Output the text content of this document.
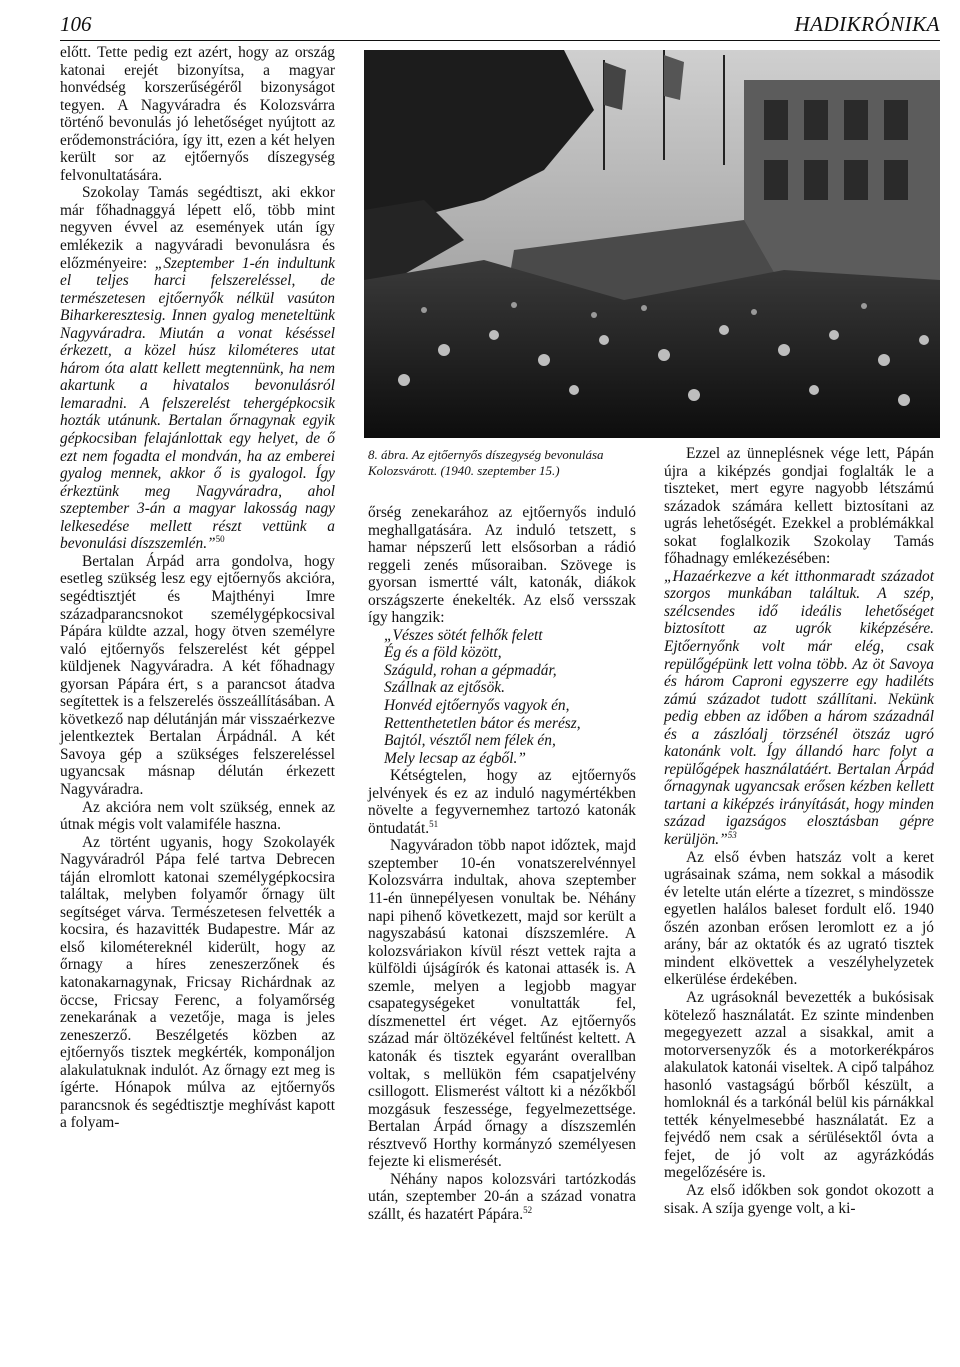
106	HADIKRÓNIKA

előtt. Tette pedig ezt azért, hogy az ország katonai erejét bizonyítsa, a magyar honvédség korszerűségéről bizonyságot tegyen. A Nagyváradra és Kolozsvárra történő bevonulás jó lehetőséget nyújtott az erődemonstrációra, így itt, ezen a két helyen került sor az ejtőernyős díszegység felvonultatására.

Szokolay Tamás segédtiszt, aki ekkor már főhadnaggyá lépett elő, több mint negyven évvel az események után így emlékezik a nagyváradi bevonulásra és előzményeire: „Szeptember 1-én indultunk el teljes harci felszereléssel, de természetesen ejtőernyők nélkül vasúton Biharkeresztesig. Innen gyalog meneteltünk Nagyváradra. Miután a vonat késéssel érkezett, a közel húsz kilométeres utat három óta alatt kellett megtennünk, ha nem akartunk a hivatalos bevonulásról lemaradni. A felszerelést tehergépkocsik hozták utánunk. Bertalan őrnagynak egyik gépkocsiban felajánlottak egy helyet, de ő ezt nem fogadta el mondván, ha az emberei gyalog mennek, akkor ő is gyalogol. Így érkeztünk meg Nagyváradra, ahol szeptember 3-án a magyar lakosság nagy lelkesedése mellett részt vettünk a bevonulási díszszemlén.”$^{50}$

Bertalan Árpád arra gondolva, hogy esetleg szükség lesz egy ejtőernyős akcióra, segédtisztjét és Majthényi Imre századparancsnokot személygépkocsival Pápára küldte azzal, hogy ötven személyre való ejtőernyős felszerelést két géppel küldjenek Nagyváradra. A két főhadnagy gyorsan Pápára ért, s a parancsot átadva segítettek is a felszerelés összeállításában. A következő nap délutánján már visszaérkezve jelentkeztek Bertalan Árpádnál. A két Savoya gép a szükséges felszereléssel ugyancsak másnap délután érkezett Nagyváradra.

Az akcióra nem volt szükség, ennek az útnak mégis volt valamiféle haszna.

Az történt ugyanis, hogy Szokolayék Nagyváradról Pápa felé tartva Debrecen táján elromlott katonai személygépkocsira találtak, melyben folyamőr őrnagy ült segítséget várva. Természetesen felvették a kocsira, és hazavitték Budapestre. Már az első kilométereknél kiderült, hogy az őrnagy a híres zeneszerzőnek és katonakarnagynak, Fricsay Richárdnak az öccse, Fricsay Ferenc, a folyamőrség zenekarának a vezetője, maga is jeles zeneszerző. Beszélgetés közben az ejtőernyős tisztek megkérték, komponáljon alakulatuknak indulót. Az őrnagy ezt meg is ígérte. Hónapok múlva az ejtőernyős parancsnok és segédtisztje meghívást kapott a folyam-

8. ábra. Az ejtőernyős díszegység bevonulása Kolozsvárott. (1940. szeptember 15.)

őrség zenekarához az ejtőernyős induló meghallgatására. Az induló tetszett, s hamar népszerű lett elsősorban a rádió reggeli zenés műsoraiban. Szövege is gyorsan ismertté vált, katonák, diákok országszerte énekelték. Az első versszak így hangzik:

„Vészes sötét felhők felett
Ég és a föld között,
Száguld, rohan a gépmadár,
Szállnak az ejtősök.
Honvéd ejtőernyős vagyok én,
Rettenthetetlen bátor és merész,
Bajtól, vésztől nem félek én,
Mely lecsap az égből.”

Kétségtelen, hogy az ejtőernyős jelvények és ez az induló nagymértékben növelte a fegyvernemhez tartozó katonák öntudatát.$^{51}$

Nagyváradon több napot időztek, majd szeptember 10-én vonatszerelvénnyel Kolozsvárra indultak, ahova szeptember 11-én ünnepélyesen vonultak be. Néhány napi pihenő következett, majd sor került a nagyszabású katonai díszszemlére. A kolozsváriakon kívül részt vettek rajta a külföldi újságírók és katonai attasék is. A szemle, melyen a legjobb magyar csapategységeket vonultatták fel, díszmenettel ért véget. Az ejtőernyős század már öltözékével feltűnést keltett. A katonák és tisztek egyaránt overallban voltak, s mellükön fém csapatjelvény csillogott. Elismerést váltott ki a nézőkből mozgásuk feszessége, fegyelmezettsége. Bertalan Árpád őrnagy a díszszemlén résztvevő Horthy kormányzó személyesen fejezte ki elismerését.

Néhány napos kolozsvári tartózkodás után, szeptember 20-án a század vonatra szállt, és hazatért Pápára.$^{52}$

Ezzel az ünneplésnek vége lett, Pápán újra a kiképzés gondjai foglalták le a tiszteket, mert egyre nagyobb létszámú századok számára kellett biztosítani az ugrás lehetőségét. Ezekkel a problémákkal sokat foglalkozik Szokolay Tamás főhadnagy emlékezésében:

„Hazaérkezve a két itthonmaradt századot szorgos munkában találtuk. A szép, szélcsendes idő ideális lehetőséget biztosított az ugrók kiképzésére. Ejtőernyőnk volt már elég, csak repülőgépünk lett volna több. Az öt Savoya és három Caproni egyszerre egy hadiléts zámú századot tudott szállítani. Nekünk pedig ebben az időben a három századnál és a zászlóalj törzsénél ötszáz ugró katonánk volt. Így állandó harc folyt a repülőgépek használatáért. Bertalan Árpád őrnagynak ugyancsak erősen kézben kellett tartani a kiképzés irányítását, hogy minden század igazságos elosztásban gépre kerüljön.”$^{53}$

Az első évben hatszáz volt a keret ugrásainak száma, nem sokkal a második év letelte után elérte a tízezret, s mindössze egyetlen halálos baleset fordult elő. 1940 őszén azonban erősen leromlott ez a jó arány, bár az oktatók és az ugrató tisztek mindent elkövettek a veszélyhelyzetek elkerülése érdekében.

Az ugrásoknál bevezették a bukósisak kötelező használatát. Ez szinte mindenben megegyezett azzal a sisakkal, amit a motorversenyzők és a motorkerékpáros alakulatok katonái viseltek. A cipő talpához hasonló vastagságú bőrből készült, a homloknál és a tarkónál belül kis párnákkal tették kényelmesebbé használatát. Ez a fejvédő nem csak a sérülésektől óvta a fejet, de jó volt az agyrázkódás megelőzésére is.

Az első időkben sok gondot okozott a sisak. A szíja gyenge volt, a ki-
